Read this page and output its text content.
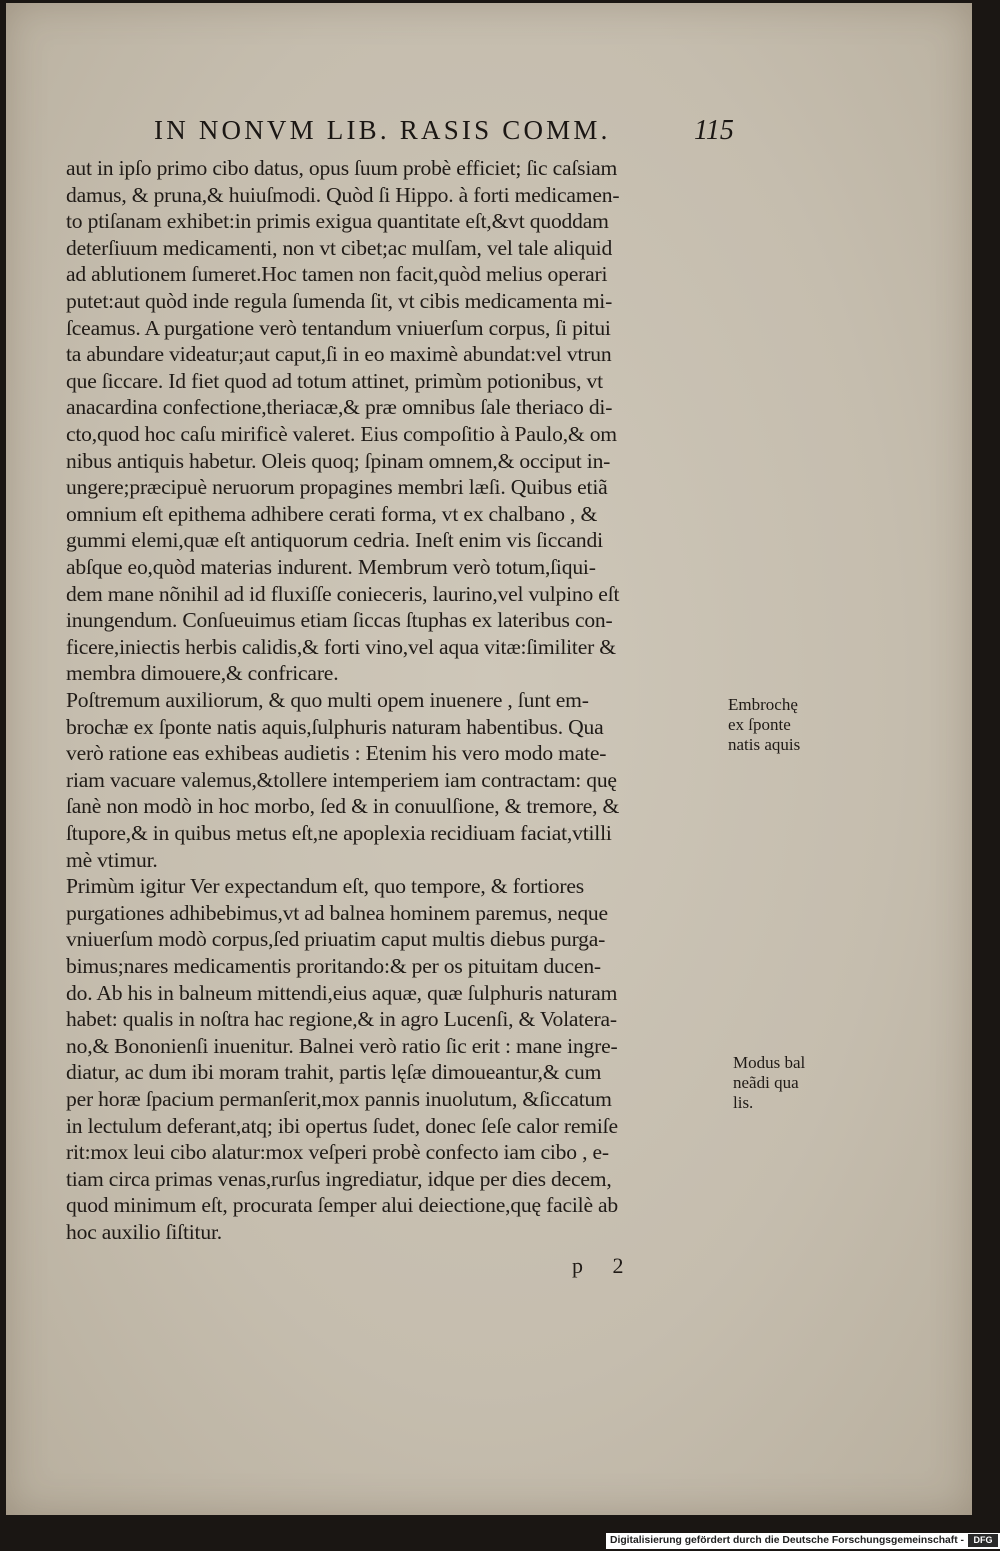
IN NONVM LIB. RASIS COMM.	115
aut in ipſo primo cibo datus, opus ſuum probè efficiet; ſic caſsiam
damus, & pruna,& huiuſmodi. Quòd ſi Hippo. à forti medicamen-
to ptiſanam exhibet:in primis exigua quantitate eſt,&vt quoddam
deterſiuum medicamenti, non vt cibet;ac mulſam, vel tale aliquid
ad ablutionem ſumeret.Hoc tamen non facit,quòd melius operari
putet:aut quòd inde regula ſumenda ſit, vt cibis medicamenta mi-
ſceamus. A purgatione verò tentandum vniuerſum corpus, ſi pitui
ta abundare videatur;aut caput,ſi in eo maximè abundat:vel vtrun
que ſiccare. Id fiet quod ad totum attinet, primùm potionibus, vt
anacardina confectione,theriacæ,& præ omnibus ſale theriaco di-
cto,quod hoc caſu mirificè valeret. Eius compoſitio à Paulo,& om
nibus antiquis habetur. Oleis quoq; ſpinam omnem,& occiput in-
ungere;præcipuè neruorum propagines membri læſi. Quibus etiã
omnium eſt epithema adhibere cerati forma, vt ex chalbano , &
gummi elemi,quæ eſt antiquorum cedria. Ineſt enim vis ſiccandi
abſque eo,quòd materias indurent. Membrum verò totum,ſiqui-
dem mane nõnihil ad id fluxiſſe conieceris, laurino,vel vulpino eſt
inungendum. Conſueuimus etiam ſiccas ſtuphas ex lateribus con-
ficere,iniectis herbis calidis,& forti vino,vel aqua vitæ:ſimiliter &
membra dimouere,& confricare.
Poſtremum auxiliorum, & quo multi opem inuenere , ſunt em-
brochæ ex ſponte natis aquis,ſulphuris naturam habentibus. Qua
verò ratione eas exhibeas audietis : Etenim his vero modo mate-
riam vacuare valemus,&tollere intemperiem iam contractam: quę
ſanè non modò in hoc morbo, ſed & in conuulſione, & tremore, &
ſtupore,& in quibus metus eſt,ne apoplexia recidiuam faciat,vtilli
mè vtimur.
Primùm igitur Ver expectandum eſt, quo tempore, & fortiores
purgationes adhibebimus,vt ad balnea hominem paremus, neque
vniuerſum modò corpus,ſed priuatim caput multis diebus purga-
bimus;nares medicamentis proritando:& per os pituitam ducen-
do. Ab his in balneum mittendi,eius aquæ, quæ ſulphuris naturam
habet: qualis in noſtra hac regione,& in agro Lucenſi, & Volatera-
no,& Bononienſi inuenitur. Balnei verò ratio ſic erit : mane ingre-
diatur, ac dum ibi moram trahit, partis lęſæ dimoueantur,& cum
per horæ ſpacium permanſerit,mox pannis inuolutum, &ſiccatum
in lectulum deferant,atq; ibi opertus ſudet, donec ſeſe calor remiſe
rit:mox leui cibo alatur:mox veſperi probè confecto iam cibo , e-
tiam circa primas venas,rurſus ingrediatur, idque per dies decem,
quod minimum eſt, procurata ſemper alui deiectione,quę facilè ab
hoc auxilio ſiſtitur.
Embrochę
ex ſponte
natis aquis
Modus bal
neãdi qua
lis.
p 2
Digitalisierung gefördert durch die Deutsche Forschungsgemeinschaft -	DFG
